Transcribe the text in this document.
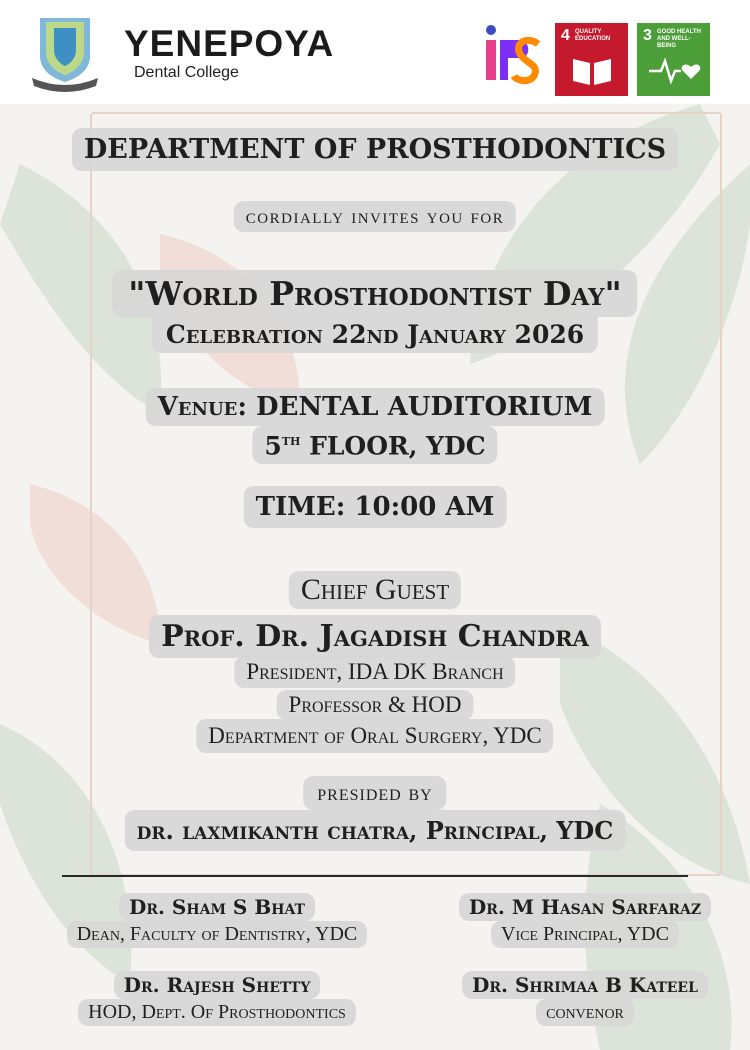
YENEPOYA
Dental College
4 QUALITY EDUCATION	3 GOOD HEALTH AND WELL-BEING
DEPARTMENT OF PROSTHODONTICS
cordially invites you for
"World Prosthodontist Day"
Celebration 22nd January 2026
Venue: DENTAL AUDITORIUM
5th FLOOR, YDC
TIME: 10:00 AM
Chief Guest
Prof. Dr. Jagadish Chandra
President, IDA DK Branch
Professor & HOD
Department of Oral Surgery, YDC
presided by
dr. laxmikanth chatra, Principal, YDC
Dr. Sham S Bhat
Dean, Faculty of Dentistry, YDC
Dr. M Hasan Sarfaraz
Vice Principal, YDC
Dr. Rajesh Shetty
HOD, Dept. Of Prosthodontics
Dr. Shrimaa B Kateel
convenor
